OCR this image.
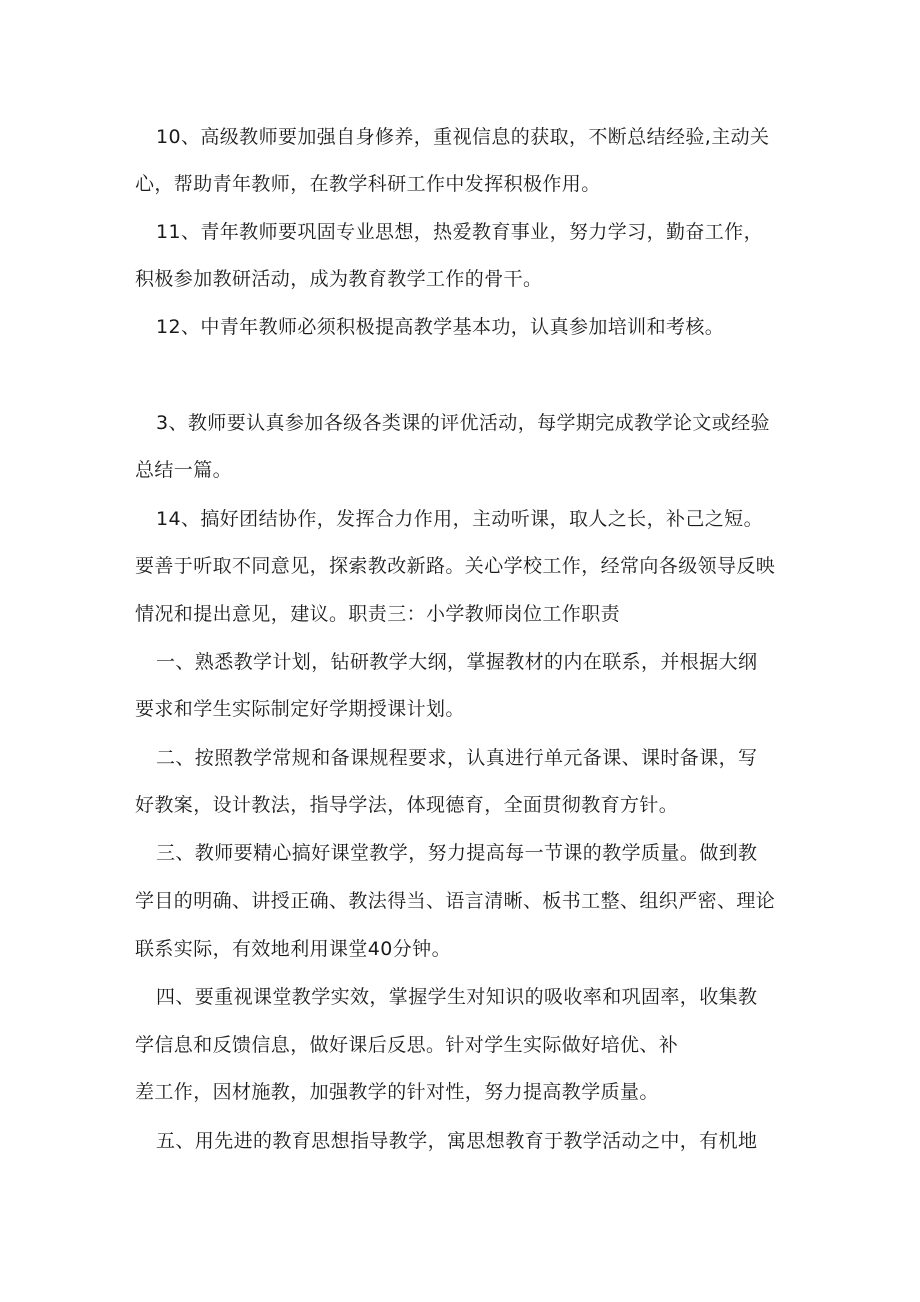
10、高级教师要加强自身修养，重视信息的获取，不断总结经验,主动关
心，帮助青年教师，在教学科研工作中发挥积极作用。
11、青年教师要巩固专业思想，热爱教育事业，努力学习，勤奋工作，
积极参加教研活动，成为教育教学工作的骨干。
12、中青年教师必须积极提高教学基本功，认真参加培训和考核。
3、教师要认真参加各级各类课的评优活动，每学期完成教学论文或经验
总结一篇。
14、搞好团结协作，发挥合力作用，主动听课，取人之长，补己之短。
要善于听取不同意见，探索教改新路。关心学校工作，经常向各级领导反映
情况和提出意见，建议。职责三：小学教师岗位工作职责
一、熟悉教学计划，钻研教学大纲，掌握教材的内在联系，并根据大纲
要求和学生实际制定好学期授课计划。
二、按照教学常规和备课规程要求，认真进行单元备课、课时备课，写
好教案，设计教法，指导学法，体现德育，全面贯彻教育方针。
三、教师要精心搞好课堂教学，努力提高每一节课的教学质量。做到教
学目的明确、讲授正确、教法得当、语言清晰、板书工整、组织严密、理论
联系实际，有效地利用课堂40分钟。
四、要重视课堂教学实效，掌握学生对知识的吸收率和巩固率，收集教
学信息和反馈信息，做好课后反思。针对学生实际做好培优、补
差工作，因材施教，加强教学的针对性，努力提高教学质量。
五、用先进的教育思想指导教学，寓思想教育于教学活动之中，有机地
